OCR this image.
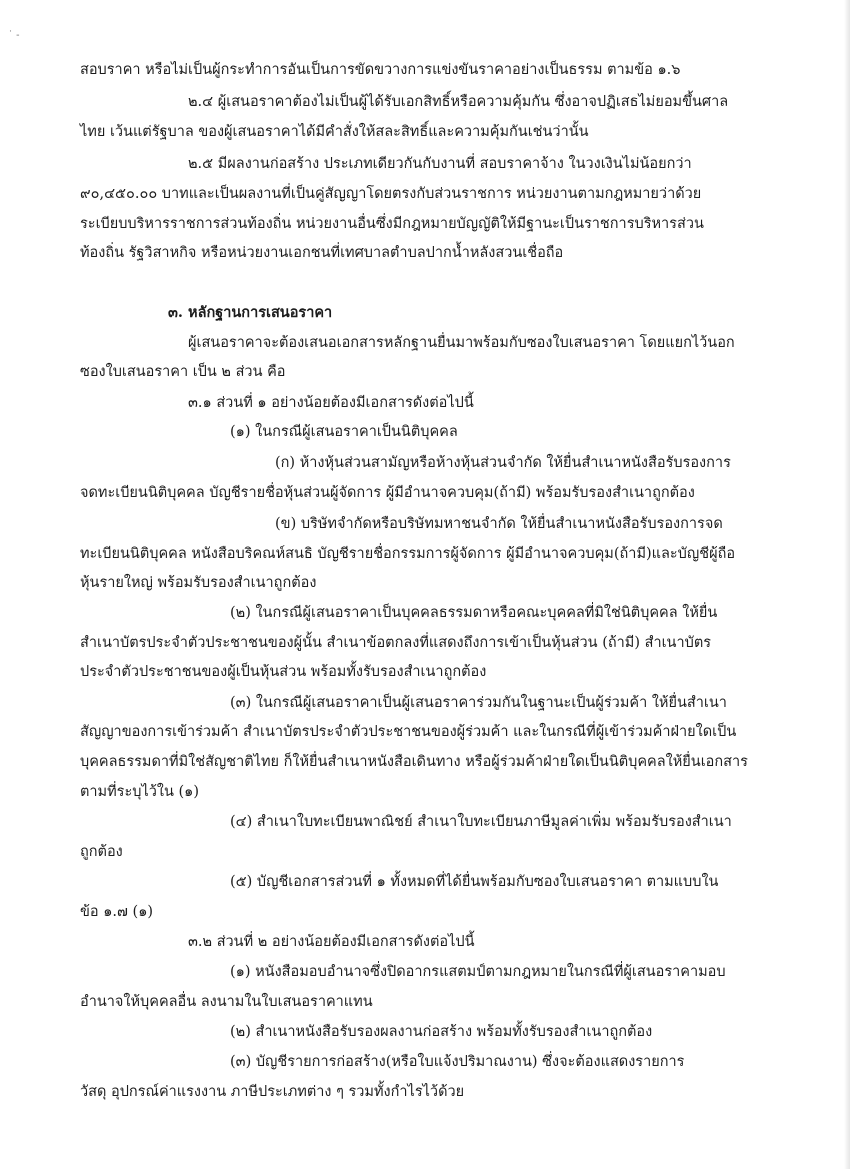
˙ -
สอบราคา หรือไม่เป็นผู้กระทำการอันเป็นการขัดขวางการแข่งขันราคาอย่างเป็นธรรม ตามข้อ ๑.๖
๒.๔ ผู้เสนอราคาต้องไม่เป็นผู้ได้รับเอกสิทธิ์หรือความคุ้มกัน ซึ่งอาจปฏิเสธไม่ยอมขึ้นศาล
ไทย เว้นแต่รัฐบาล ของผู้เสนอราคาได้มีคำสั่งให้สละสิทธิ์และความคุ้มกันเช่นว่านั้น
๒.๕ มีผลงานก่อสร้าง ประเภทเดียวกันกับงานที่ สอบราคาจ้าง ในวงเงินไม่น้อยกว่า
๙๐,๔๕๐.๐๐ บาทและเป็นผลงานที่เป็นคู่สัญญาโดยตรงกับส่วนราชการ หน่วยงานตามกฎหมายว่าด้วย
ระเบียบบริหารราชการส่วนท้องถิ่น หน่วยงานอื่นซึ่งมีกฎหมายบัญญัติให้มีฐานะเป็นราชการบริหารส่วน
ท้องถิ่น รัฐวิสาหกิจ หรือหน่วยงานเอกชนที่เทศบาลตำบลปากน้ำหลังสวนเชื่อถือ
๓. หลักฐานการเสนอราคา
ผู้เสนอราคาจะต้องเสนอเอกสารหลักฐานยื่นมาพร้อมกับซองใบเสนอราคา โดยแยกไว้นอก
ซองใบเสนอราคา เป็น ๒ ส่วน คือ
๓.๑ ส่วนที่ ๑ อย่างน้อยต้องมีเอกสารดังต่อไปนี้
(๑) ในกรณีผู้เสนอราคาเป็นนิติบุคคล
(ก) ห้างหุ้นส่วนสามัญหรือห้างหุ้นส่วนจำกัด ให้ยื่นสำเนาหนังสือรับรองการ
จดทะเบียนนิติบุคคล บัญชีรายชื่อหุ้นส่วนผู้จัดการ ผู้มีอำนาจควบคุม(ถ้ามี) พร้อมรับรองสำเนาถูกต้อง
(ข) บริษัทจำกัดหรือบริษัทมหาชนจำกัด ให้ยื่นสำเนาหนังสือรับรองการจด
ทะเบียนนิติบุคคล หนังสือบริคณห์สนธิ บัญชีรายชื่อกรรมการผู้จัดการ ผู้มีอำนาจควบคุม(ถ้ามี)และบัญชีผู้ถือ
หุ้นรายใหญ่ พร้อมรับรองสำเนาถูกต้อง
(๒) ในกรณีผู้เสนอราคาเป็นบุคคลธรรมดาหรือคณะบุคคลที่มิใช่นิติบุคคล ให้ยื่น
สำเนาบัตรประจำตัวประชาชนของผู้นั้น สำเนาข้อตกลงที่แสดงถึงการเข้าเป็นหุ้นส่วน (ถ้ามี) สำเนาบัตร
ประจำตัวประชาชนของผู้เป็นหุ้นส่วน พร้อมทั้งรับรองสำเนาถูกต้อง
(๓) ในกรณีผู้เสนอราคาเป็นผู้เสนอราคาร่วมกันในฐานะเป็นผู้ร่วมค้า ให้ยื่นสำเนา
สัญญาของการเข้าร่วมค้า สำเนาบัตรประจำตัวประชาชนของผู้ร่วมค้า และในกรณีที่ผู้เข้าร่วมค้าฝ่ายใดเป็น
บุคคลธรรมดาที่มิใช่สัญชาติไทย ก็ให้ยื่นสำเนาหนังสือเดินทาง หรือผู้ร่วมค้าฝ่ายใดเป็นนิติบุคคลให้ยื่นเอกสาร
ตามที่ระบุไว้ใน (๑)
(๔) สำเนาใบทะเบียนพาณิชย์ สำเนาใบทะเบียนภาษีมูลค่าเพิ่ม พร้อมรับรองสำเนา
ถูกต้อง
(๕) บัญชีเอกสารส่วนที่ ๑ ทั้งหมดที่ได้ยื่นพร้อมกับซองใบเสนอราคา ตามแบบใน
ข้อ ๑.๗ (๑)
๓.๒ ส่วนที่ ๒ อย่างน้อยต้องมีเอกสารดังต่อไปนี้
(๑) หนังสือมอบอำนาจซึ่งปิดอากรแสตมป์ตามกฎหมายในกรณีที่ผู้เสนอราคามอบ
อำนาจให้บุคคลอื่น ลงนามในใบเสนอราคาแทน
(๒) สำเนาหนังสือรับรองผลงานก่อสร้าง พร้อมทั้งรับรองสำเนาถูกต้อง
(๓) บัญชีรายการก่อสร้าง(หรือใบแจ้งปริมาณงาน) ซึ่งจะต้องแสดงรายการ
วัสดุ อุปกรณ์ค่าแรงงาน ภาษีประเภทต่าง ๆ รวมทั้งกำไรไว้ด้วย
